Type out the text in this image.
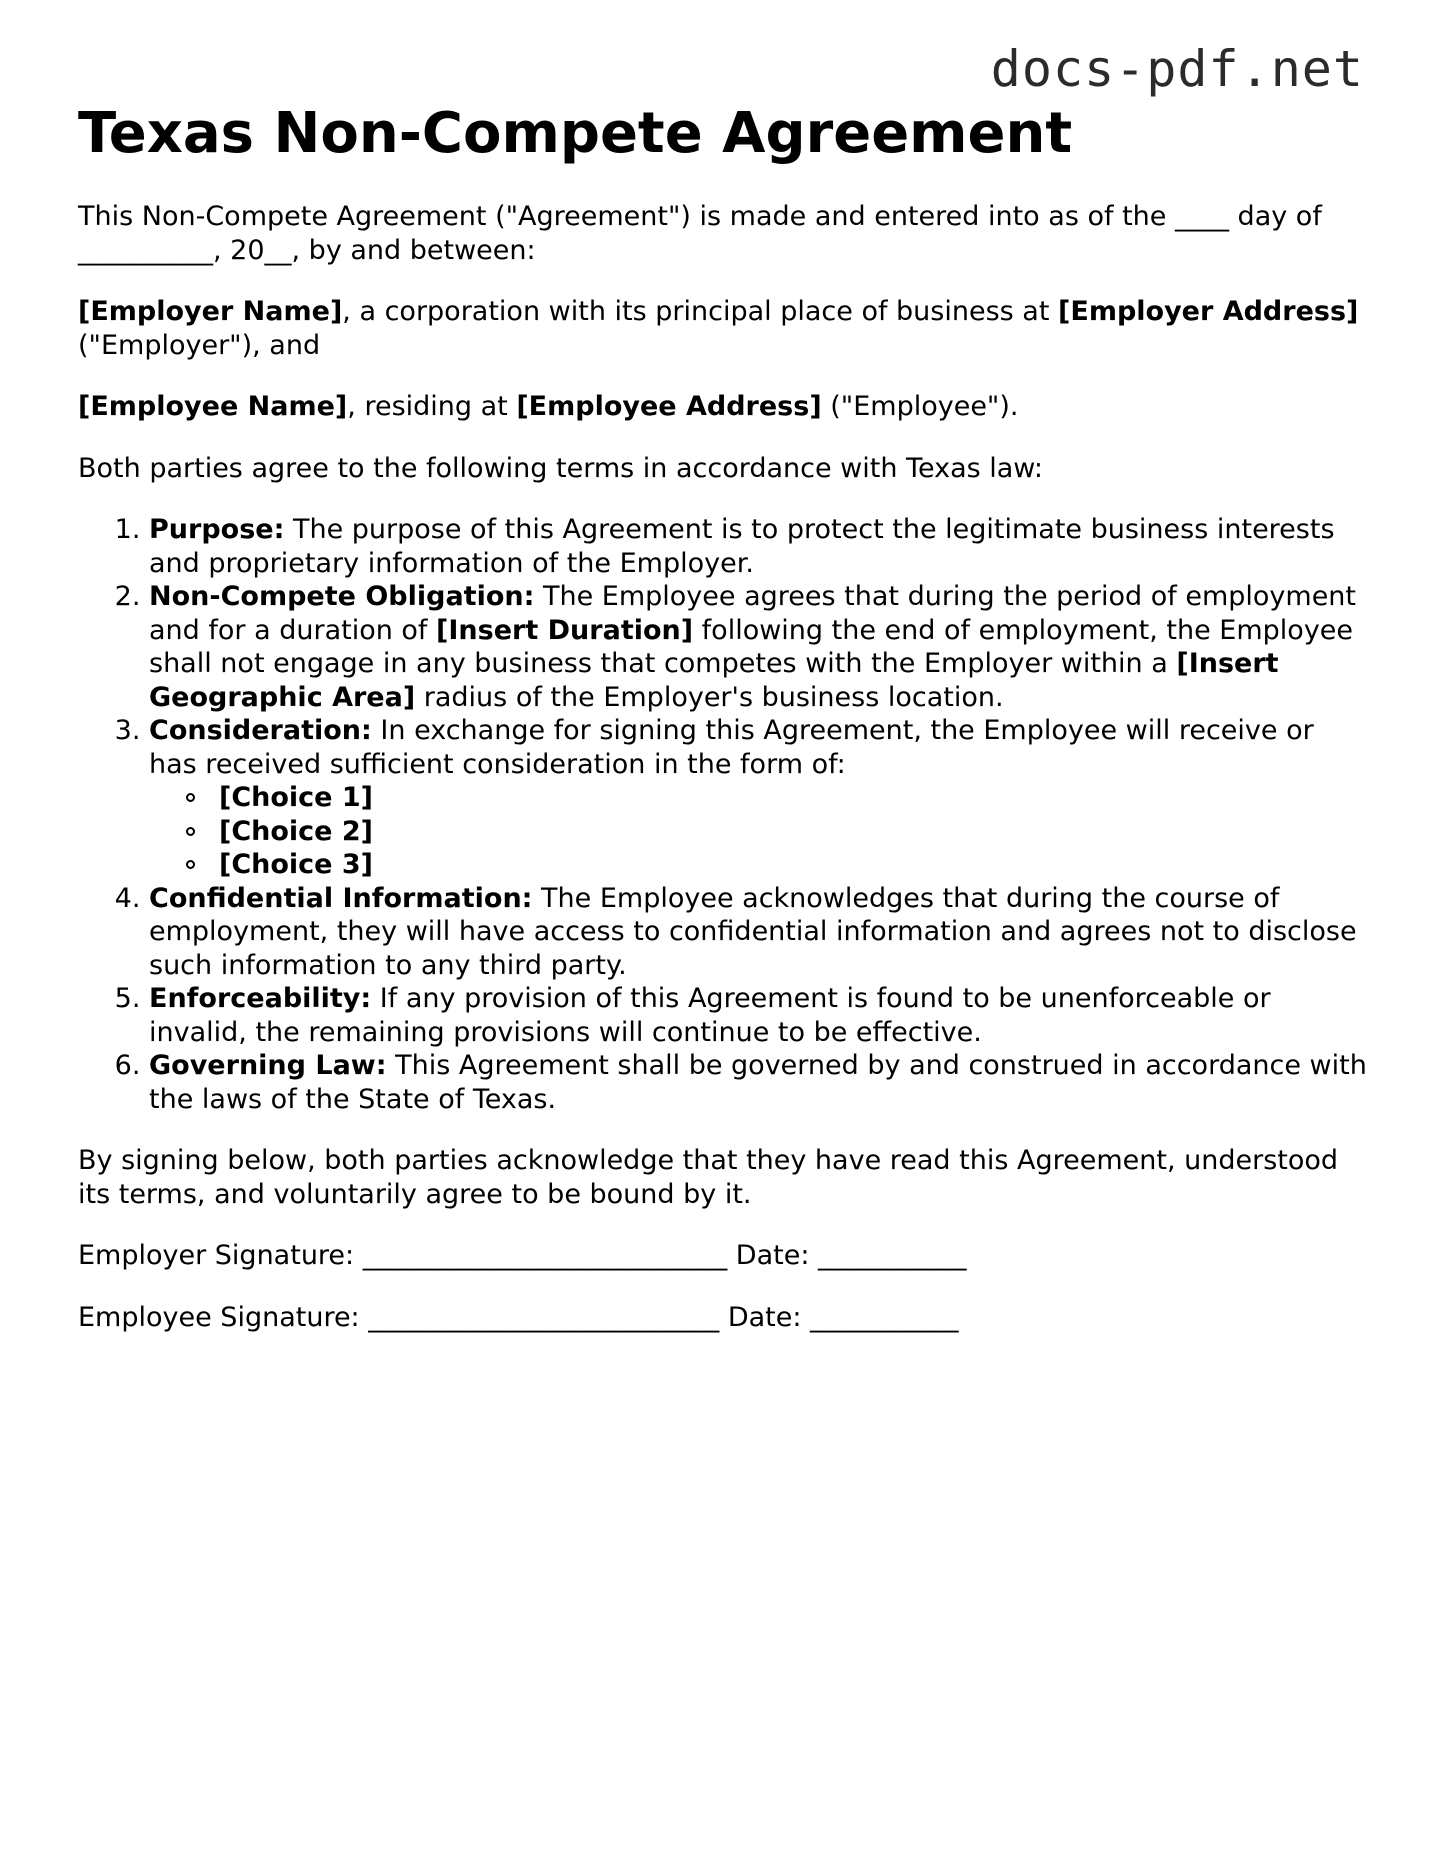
docs-pdf.net
Texas Non-Compete Agreement

This Non-Compete Agreement ("Agreement") is made and entered into as of the ____ day of __________, 20__, by and between:

[Employer Name], a corporation with its principal place of business at [Employer Address] ("Employer"), and

[Employee Name], residing at [Employee Address] ("Employee").

Both parties agree to the following terms in accordance with Texas law:

1. Purpose: The purpose of this Agreement is to protect the legitimate business interests and proprietary information of the Employer.
2. Non-Compete Obligation: The Employee agrees that during the period of employment and for a duration of [Insert Duration] following the end of employment, the Employee shall not engage in any business that competes with the Employer within a [Insert Geographic Area] radius of the Employer's business location.
3. Consideration: In exchange for signing this Agreement, the Employee will receive or has received sufficient consideration in the form of:
[Choice 1]
[Choice 2]
[Choice 3]
4. Confidential Information: The Employee acknowledges that during the course of employment, they will have access to confidential information and agrees not to disclose such information to any third party.
5. Enforceability: If any provision of this Agreement is found to be unenforceable or invalid, the remaining provisions will continue to be effective.
6. Governing Law: This Agreement shall be governed by and construed in accordance with the laws of the State of Texas.

By signing below, both parties acknowledge that they have read this Agreement, understood its terms, and voluntarily agree to be bound by it.

Employer Signature: ___________________________ Date: ___________

Employee Signature: __________________________ Date: ___________
